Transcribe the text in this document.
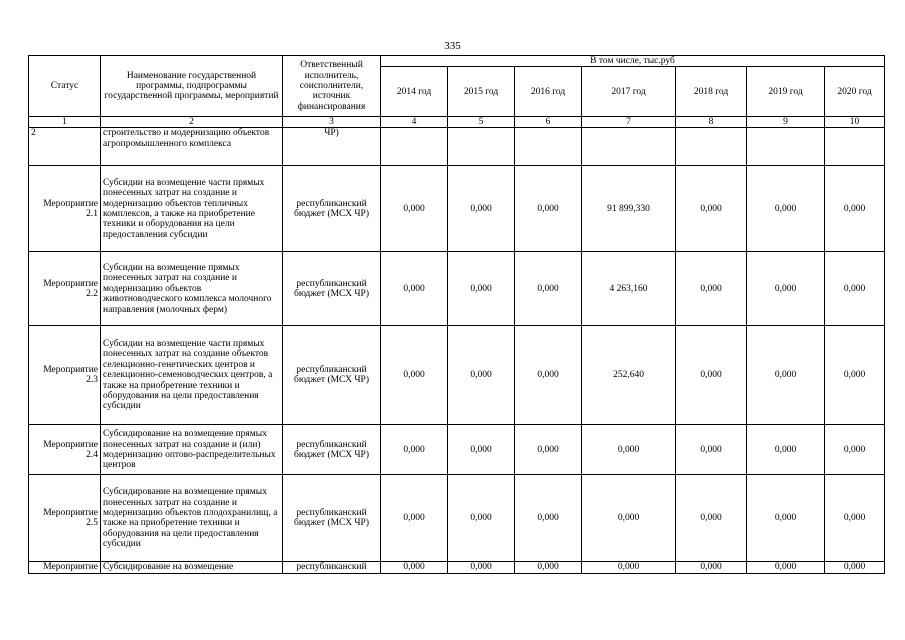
335
Статус	Наименование государственной программы, подпрограммы государственной программы, мероприятий	Ответственный исполнитель, соисполнители, источник финансирования	В том числе, тыс.руб						
			2014 год	2015 год	2016 год	2017 год	2018 год	2019 год	2020 год
1	2	3	4	5	6	7	8	9	10
2	строительство и модернизацию объектов агропромышленного комплекса	ЧР)							
Мероприятие 2.1	Субсидии на возмещение части прямых понесенных затрат на создание и модернизацию объектов тепличных комплексов, а также на приобретение техники и оборудования на цели предоставления субсидии	республиканский бюджет (МСХ ЧР)	0,000	0,000	0,000	91 899,330	0,000	0,000	0,000
Мероприятие 2.2	Субсидии на возмещение прямых понесенных затрат на создание и модернизацию объектов животноводческого комплекса молочного направления (молочных ферм)	республиканский бюджет (МСХ ЧР)	0,000	0,000	0,000	4 263,160	0,000	0,000	0,000
Мероприятие 2.3	Субсидии на возмещение части прямых понесенных затрат на создание объектов селекционно-генетических центров и селекционно-семеноводческих центров, а также на приобретение техники и оборудования на цели предоставления субсидии	республиканский бюджет (МСХ ЧР)	0,000	0,000	0,000	252,640	0,000	0,000	0,000
Мероприятие 2.4	Субсидирование на возмещение прямых понесенных затрат на создание и (или) модернизацию оптово-распределительных центров	республиканский бюджет (МСХ ЧР)	0,000	0,000	0,000	0,000	0,000	0,000	0,000
Мероприятие 2.5	Субсидирование на возмещение прямых понесенных затрат на создание и модернизацию объектов плодохранилищ, а также на приобретение техники и оборудования на цели предоставления субсидии	республиканский бюджет (МСХ ЧР)	0,000	0,000	0,000	0,000	0,000	0,000	0,000
Мероприятие	Субсидирование на возмещение	республиканский	0,000	0,000	0,000	0,000	0,000	0,000	0,000
